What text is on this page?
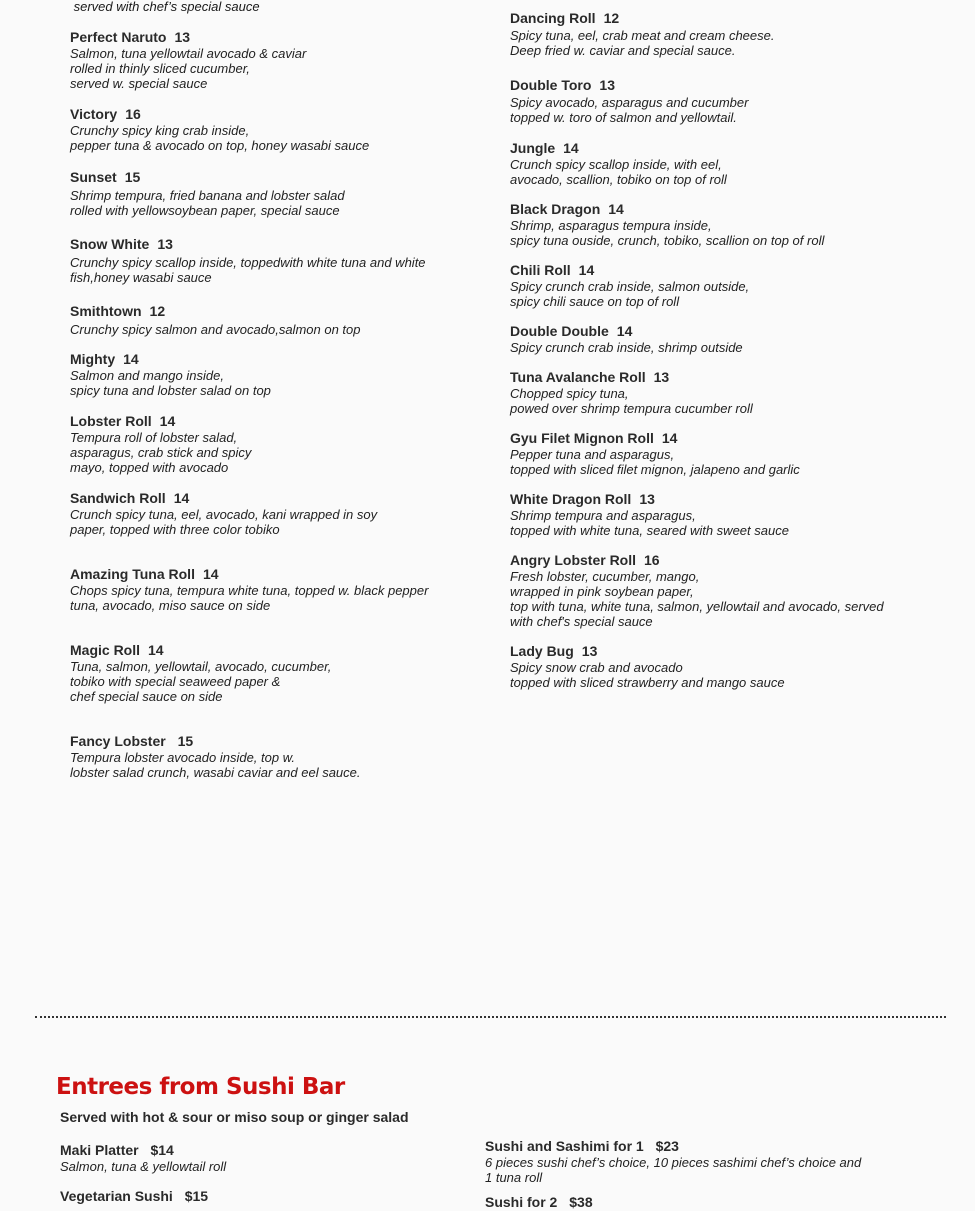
served with chef’s special sauce
Perfect Naruto 13
Salmon, tuna yellowtail avocado & caviar
rolled in thinly sliced cucumber,
served w. special sauce
Victory 16
Crunchy spicy king crab inside,
pepper tuna & avocado on top, honey wasabi sauce
Sunset 15
Shrimp tempura, fried banana and lobster salad
rolled with yellowsoybean paper, special sauce
Snow White 13
Crunchy spicy scallop inside, toppedwith white tuna and white
fish,honey wasabi sauce
Smithtown 12
Crunchy spicy salmon and avocado,salmon on top
Mighty 14
Salmon and mango inside,
spicy tuna and lobster salad on top
Lobster Roll 14
Tempura roll of lobster salad,
asparagus, crab stick and spicy
mayo, topped with avocado
Sandwich Roll 14
Crunch spicy tuna, eel, avocado, kani wrapped in soy
paper, topped with three color tobiko
Amazing Tuna Roll 14
Chops spicy tuna, tempura white tuna, topped w. black pepper
tuna, avocado, miso sauce on side
Magic Roll 14
Tuna, salmon, yellowtail, avocado, cucumber,
tobiko with special seaweed paper &
chef special sauce on side
Fancy Lobster 15
Tempura lobster avocado inside, top w.
lobster salad crunch, wasabi caviar and eel sauce.
Dancing Roll 12
Spicy tuna, eel, crab meat and cream cheese.
Deep fried w. caviar and special sauce.
Double Toro 13
Spicy avocado, asparagus and cucumber
topped w. toro of salmon and yellowtail.
Jungle 14
Crunch spicy scallop inside, with eel,
avocado, scallion, tobiko on top of roll
Black Dragon 14
Shrimp, asparagus tempura inside,
spicy tuna ouside, crunch, tobiko, scallion on top of roll
Chili Roll 14
Spicy crunch crab inside, salmon outside,
spicy chili sauce on top of roll
Double Double 14
Spicy crunch crab inside, shrimp outside
Tuna Avalanche Roll 13
Chopped spicy tuna,
powed over shrimp tempura cucumber roll
Gyu Filet Mignon Roll 14
Pepper tuna and asparagus,
topped with sliced filet mignon, jalapeno and garlic
White Dragon Roll 13
Shrimp tempura and asparagus,
topped with white tuna, seared with sweet sauce
Angry Lobster Roll 16
Fresh lobster, cucumber, mango,
wrapped in pink soybean paper,
top with tuna, white tuna, salmon, yellowtail and avocado, served
with chef's special sauce
Lady Bug 13
Spicy snow crab and avocado
topped with sliced strawberry and mango sauce
Entrees from Sushi Bar
Served with hot & sour or miso soup or ginger salad
Maki Platter $14
Salmon, tuna & yellowtail roll
Vegetarian Sushi $15
Sushi and Sashimi for 1 $23
6 pieces sushi chef’s choice, 10 pieces sashimi chef’s choice and
1 tuna roll
Sushi for 2 $38
